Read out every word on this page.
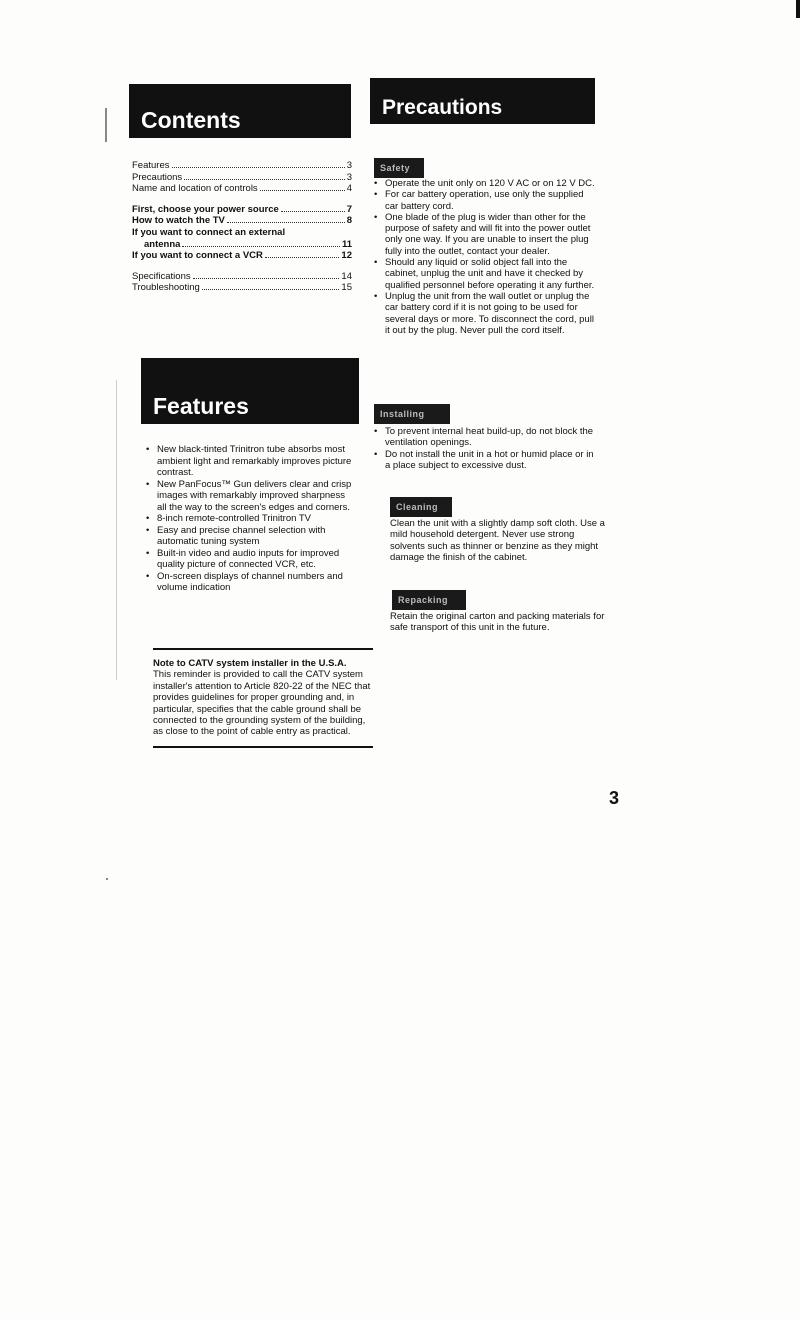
Contents
Features	3
Precautions	3
Name and location of controls	4
First, choose your power source	7
How to watch the TV	8
If you want to connect an external
antenna	11
If you want to connect a VCR	12
Specifications	14
Troubleshooting	15
Features
• New black-tinted Trinitron tube absorbs most ambient light and remarkably improves picture contrast.
• New PanFocus™ Gun delivers clear and crisp images with remarkably improved sharpness all the way to the screen's edges and corners.
• 8-inch remote-controlled Trinitron TV
• Easy and precise channel selection with automatic tuning system
• Built-in video and audio inputs for improved quality picture of connected VCR, etc.
• On-screen displays of channel numbers and volume indication
Note to CATV system installer in the U.S.A.
This reminder is provided to call the CATV system installer's attention to Article 820-22 of the NEC that provides guidelines for proper grounding and, in particular, specifies that the cable ground shall be connected to the grounding system of the building, as close to the point of cable entry as practical.
Precautions
Safety
• Operate the unit only on 120 V AC or on 12 V DC.
• For car battery operation, use only the supplied car battery cord.
• One blade of the plug is wider than other for the purpose of safety and will fit into the power outlet only one way. If you are unable to insert the plug fully into the outlet, contact your dealer.
• Should any liquid or solid object fall into the cabinet, unplug the unit and have it checked by qualified personnel before operating it any further.
• Unplug the unit from the wall outlet or unplug the car battery cord if it is not going to be used for several days or more. To disconnect the cord, pull it out by the plug. Never pull the cord itself.
Installing
• To prevent internal heat build-up, do not block the ventilation openings.
• Do not install the unit in a hot or humid place or in a place subject to excessive dust.
Cleaning
Clean the unit with a slightly damp soft cloth. Use a mild household detergent. Never use strong solvents such as thinner or benzine as they might damage the finish of the cabinet.
Repacking
Retain the original carton and packing materials for safe transport of this unit in the future.
3
